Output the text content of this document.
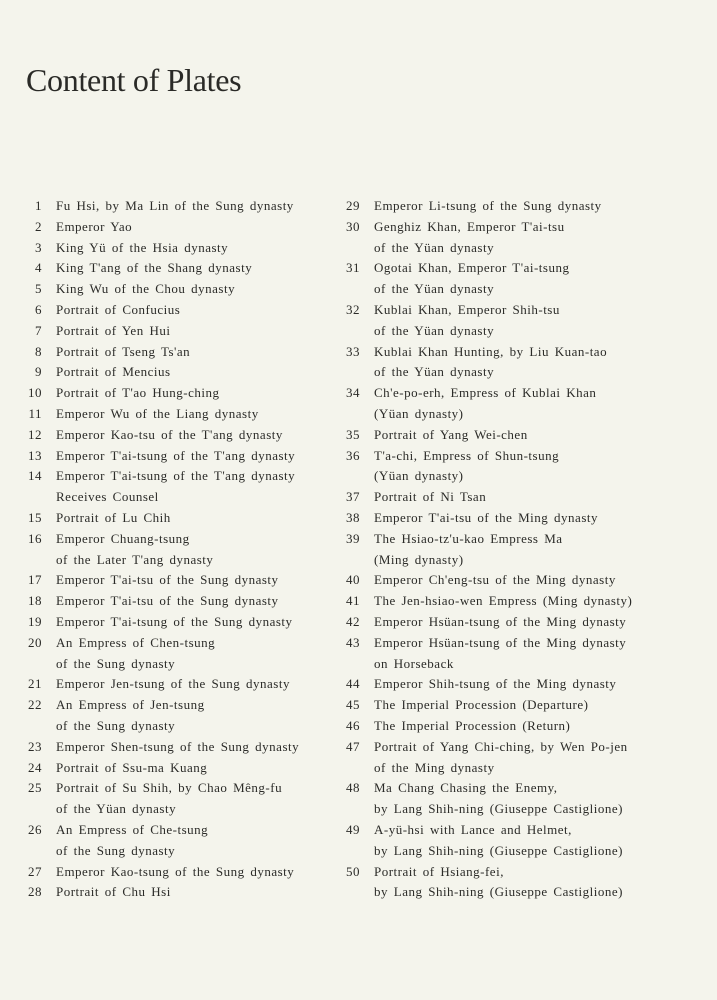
Content of Plates
1 Fu Hsi, by Ma Lin of the Sung dynasty
2 Emperor Yao
3 King Yü of the Hsia dynasty
4 King T'ang of the Shang dynasty
5 King Wu of the Chou dynasty
6 Portrait of Confucius
7 Portrait of Yen Hui
8 Portrait of Tseng Ts'an
9 Portrait of Mencius
10 Portrait of T'ao Hung-ching
11 Emperor Wu of the Liang dynasty
12 Emperor Kao-tsu of the T'ang dynasty
13 Emperor T'ai-tsung of the T'ang dynasty
14 Emperor T'ai-tsung of the T'ang dynasty
Receives Counsel
15 Portrait of Lu Chih
16 Emperor Chuang-tsung
of the Later T'ang dynasty
17 Emperor T'ai-tsu of the Sung dynasty
18 Emperor T'ai-tsu of the Sung dynasty
19 Emperor T'ai-tsung of the Sung dynasty
20 An Empress of Chen-tsung
of the Sung dynasty
21 Emperor Jen-tsung of the Sung dynasty
22 An Empress of Jen-tsung
of the Sung dynasty
23 Emperor Shen-tsung of the Sung dynasty
24 Portrait of Ssu-ma Kuang
25 Portrait of Su Shih, by Chao Mêng-fu
of the Yüan dynasty
26 An Empress of Che-tsung
of the Sung dynasty
27 Emperor Kao-tsung of the Sung dynasty
28 Portrait of Chu Hsi
29 Emperor Li-tsung of the Sung dynasty
30 Genghiz Khan, Emperor T'ai-tsu
of the Yüan dynasty
31 Ogotai Khan, Emperor T'ai-tsung
of the Yüan dynasty
32 Kublai Khan, Emperor Shih-tsu
of the Yüan dynasty
33 Kublai Khan Hunting, by Liu Kuan-tao
of the Yüan dynasty
34 Ch'e-po-erh, Empress of Kublai Khan
(Yüan dynasty)
35 Portrait of Yang Wei-chen
36 T'a-chi, Empress of Shun-tsung
(Yüan dynasty)
37 Portrait of Ni Tsan
38 Emperor T'ai-tsu of the Ming dynasty
39 The Hsiao-tz'u-kao Empress Ma
(Ming dynasty)
40 Emperor Ch'eng-tsu of the Ming dynasty
41 The Jen-hsiao-wen Empress (Ming dynasty)
42 Emperor Hsüan-tsung of the Ming dynasty
43 Emperor Hsüan-tsung of the Ming dynasty
on Horseback
44 Emperor Shih-tsung of the Ming dynasty
45 The Imperial Procession (Departure)
46 The Imperial Procession (Return)
47 Portrait of Yang Chi-ching, by Wen Po-jen
of the Ming dynasty
48 Ma Chang Chasing the Enemy,
by Lang Shih-ning (Giuseppe Castiglione)
49 A-yü-hsi with Lance and Helmet,
by Lang Shih-ning (Giuseppe Castiglione)
50 Portrait of Hsiang-fei,
by Lang Shih-ning (Giuseppe Castiglione)
